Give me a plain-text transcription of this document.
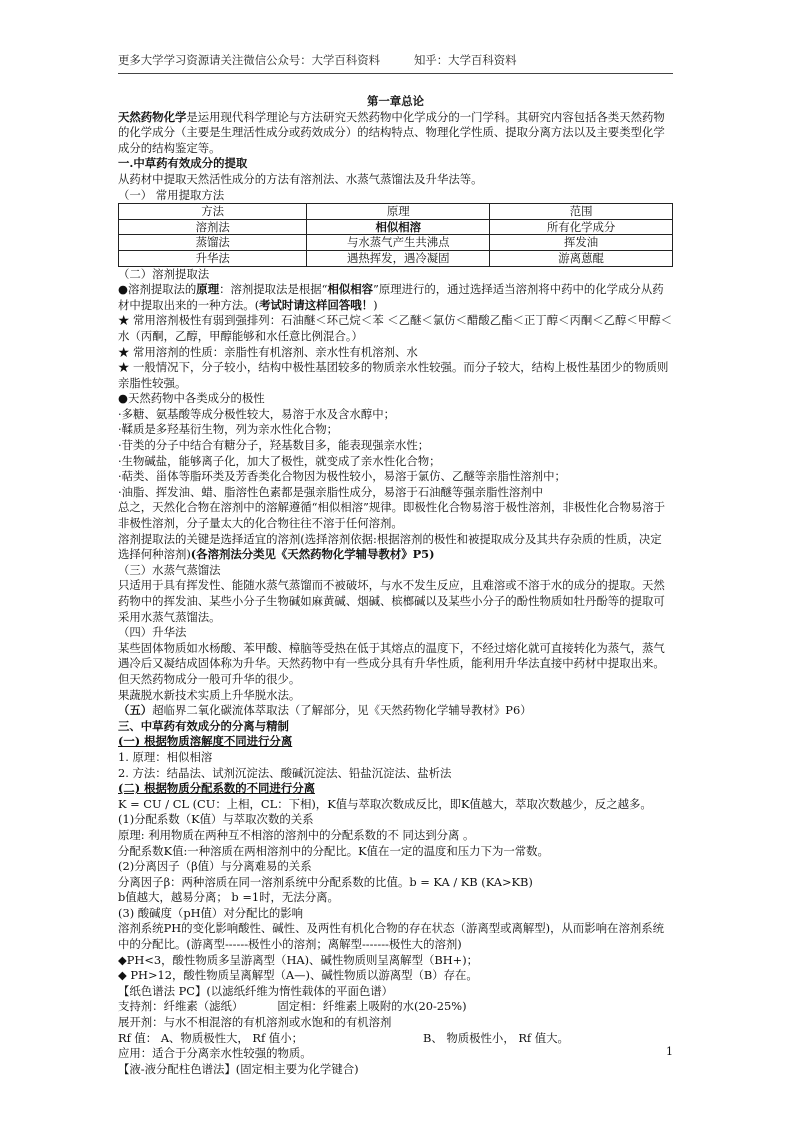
更多大学学习资源请关注微信公众号：大学百科资料	知乎：大学百科资料

第一章总论

天然药物化学是运用现代科学理论与方法研究天然药物中化学成分的一门学科。其研究内容包括各类天然药物的化学成分（主要是生理活性成分或药效成分）的结构特点、物理化学性质、提取分离方法以及主要类型化学成分的结构鉴定等。

一.中草药有效成分的提取

从药材中提取天然活性成分的方法有溶剂法、水蒸气蒸馏法及升华法等。

（一） 常用提取方法

方法	原理	范围
溶剂法	相似相溶	所有化学成分
蒸馏法	与水蒸气产生共沸点	挥发油
升华法	遇热挥发，遇冷凝固	游离蒽醌

（二）溶剂提取法

●溶剂提取法的原理：溶剂提取法是根据“相似相容”原理进行的，通过选择适当溶剂将中药中的化学成分从药材中提取出来的一种方法。(考试时请这样回答哦！)

★ 常用溶剂极性有弱到强排列：石油醚＜环己烷＜苯 ＜乙醚＜氯仿＜醋酸乙酯＜正丁醇＜丙酮＜乙醇＜甲醇＜水（丙酮，乙醇，甲醇能够和水任意比例混合。）

★ 常用溶剂的性质：亲脂性有机溶剂、亲水性有机溶剂、水

★ 一般情况下，分子较小，结构中极性基团较多的物质亲水性较强。而分子较大，结构上极性基团少的物质则亲脂性较强。

●天然药物中各类成分的极性

·多糖、氨基酸等成分极性较大，易溶于水及含水醇中；

·鞣质是多羟基衍生物，列为亲水性化合物；

·苷类的分子中结合有糖分子，羟基数目多，能表现强亲水性；

·生物碱盐，能够离子化，加大了极性，就变成了亲水性化合物；

·萜类、甾体等脂环类及芳香类化合物因为极性较小，易溶于氯仿、乙醚等亲脂性溶剂中；

·油脂、挥发油、蜡、脂溶性色素都是强亲脂性成分，易溶于石油醚等强亲脂性溶剂中

总之，天然化合物在溶剂中的溶解遵循“相似相溶”规律。即极性化合物易溶于极性溶剂，非极性化合物易溶于非极性溶剂，分子量太大的化合物往往不溶于任何溶剂。

溶剂提取法的关键是选择适宜的溶剂(选择溶剂依据:根据溶剂的极性和被提取成分及其共存杂质的性质，决定选择何种溶剂)(各溶剂法分类见《天然药物化学辅导教材》P5)

（三）水蒸气蒸馏法

只适用于具有挥发性、能随水蒸气蒸馏而不被破坏，与水不发生反应，且难溶或不溶于水的成分的提取。天然药物中的挥发油、某些小分子生物碱如麻黄碱、烟碱、槟榔碱以及某些小分子的酚性物质如牡丹酚等的提取可采用水蒸气蒸馏法。

（四）升华法

某些固体物质如水杨酸、苯甲酸、樟脑等受热在低于其熔点的温度下，不经过熔化就可直接转化为蒸气，蒸气遇冷后又凝结成固体称为升华。天然药物中有一些成分具有升华性质，能利用升华法直接中药材中提取出来。但天然药物成分一般可升华的很少。

果蔬脱水新技术实质上升华脱水法。

（五）超临界二氧化碳流体萃取法（了解部分，见《天然药物化学辅导教材》P6）

三、中草药有效成分的分离与精制

(一) 根据物质溶解度不同进行分离

1. 原理：相似相溶

2. 方法：结晶法、试剂沉淀法、酸碱沉淀法、铅盐沉淀法、盐析法

(二) 根据物质分配系数的不同进行分离

K = CU / CL (CU：上相，CL：下相)，K值与萃取次数成反比，即K值越大，萃取次数越少，反之越多。

(1)分配系数（K值）与萃取次数的关系

原理: 利用物质在两种互不相溶的溶剂中的分配系数的不 同达到分离 。

分配系数K值:一种溶质在两相溶剂中的分配比。K值在一定的温度和压力下为一常数。

(2)分离因子（β值）与分离难易的关系

分离因子β：两种溶质在同一溶剂系统中分配系数的比值。b = KA / KB (KA>KB)

b值越大，越易分离； b =1时，无法分离。

(3) 酸碱度（pH值）对分配比的影响

溶剂系统PH的变化影响酸性、碱性、及两性有机化合物的存在状态（游离型或离解型)，从而影响在溶剂系统中的分配比。(游离型------极性小的溶剂；离解型-------极性大的溶剂)

◆PH<3，酸性物质多呈游离型（HA)、碱性物质则呈离解型（BH+)；

◆ PH>12，酸性物质呈离解型（A—)、碱性物质以游离型（B）存在。

【纸色谱法 PC】(以滤纸纤维为惰性载体的平面色谱）

支持剂：纤维素（滤纸）	固定相：纤维素上吸附的水(20-25%)

展开剂：与水不相混溶的有机溶剂或水饱和的有机溶剂

Rf 值： A、物质极性大， Rf 值小；	B、 物质极性小， Rf 值大。

应用：适合于分离亲水性较强的物质。

【液-液分配柱色谱法】(固定相主要为化学键合)

1
